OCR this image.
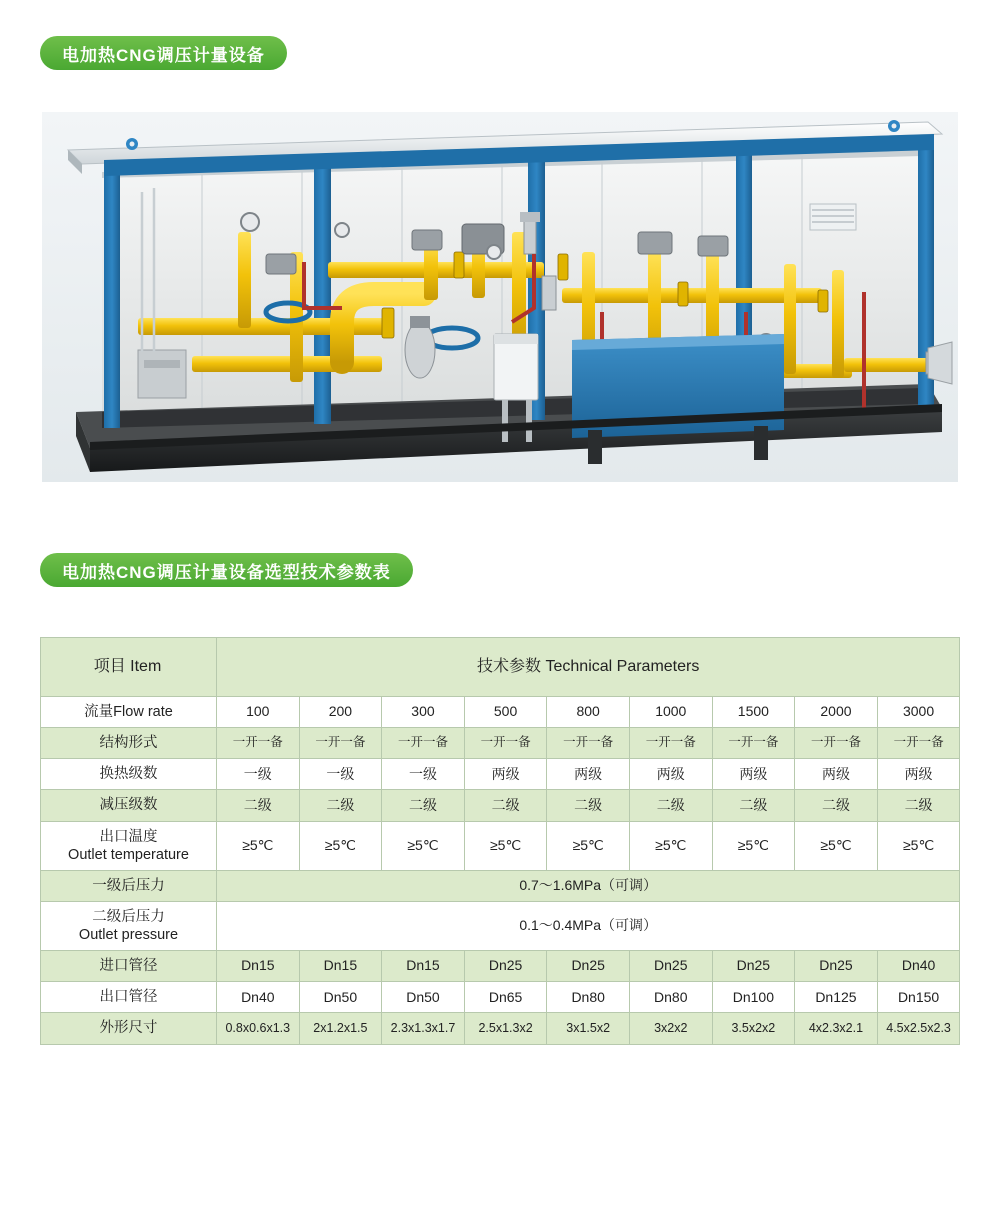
电加热CNG调压计量设备
电加热CNG调压计量设备选型技术参数表
项目 Item	技术参数 Technical Parameters								
流量Flow rate	100	200	300	500	800	1000	1500	2000	3000
结构形式	一开一备	一开一备	一开一备	一开一备	一开一备	一开一备	一开一备	一开一备	一开一备
换热级数	一级	一级	一级	两级	两级	两级	两级	两级	两级
减压级数	二级	二级	二级	二级	二级	二级	二级	二级	二级

出口温度
Outlet temperature	≥5℃	≥5℃	≥5℃	≥5℃	≥5℃	≥5℃	≥5℃	≥5℃	≥5℃
一级后压力	0.7～1.6MPa（可调）								

二级后压力
Outlet pressure	0.1～0.4MPa（可调）								
进口管径	Dn15	Dn15	Dn15	Dn25	Dn25	Dn25	Dn25	Dn25	Dn40
出口管径	Dn40	Dn50	Dn50	Dn65	Dn80	Dn80	Dn100	Dn125	Dn150
外形尺寸	0.8x0.6x1.3	2x1.2x1.5	2.3x1.3x1.7	2.5x1.3x2	3x1.5x2	3x2x2	3.5x2x2	4x2.3x2.1	4.5x2.5x2.3
